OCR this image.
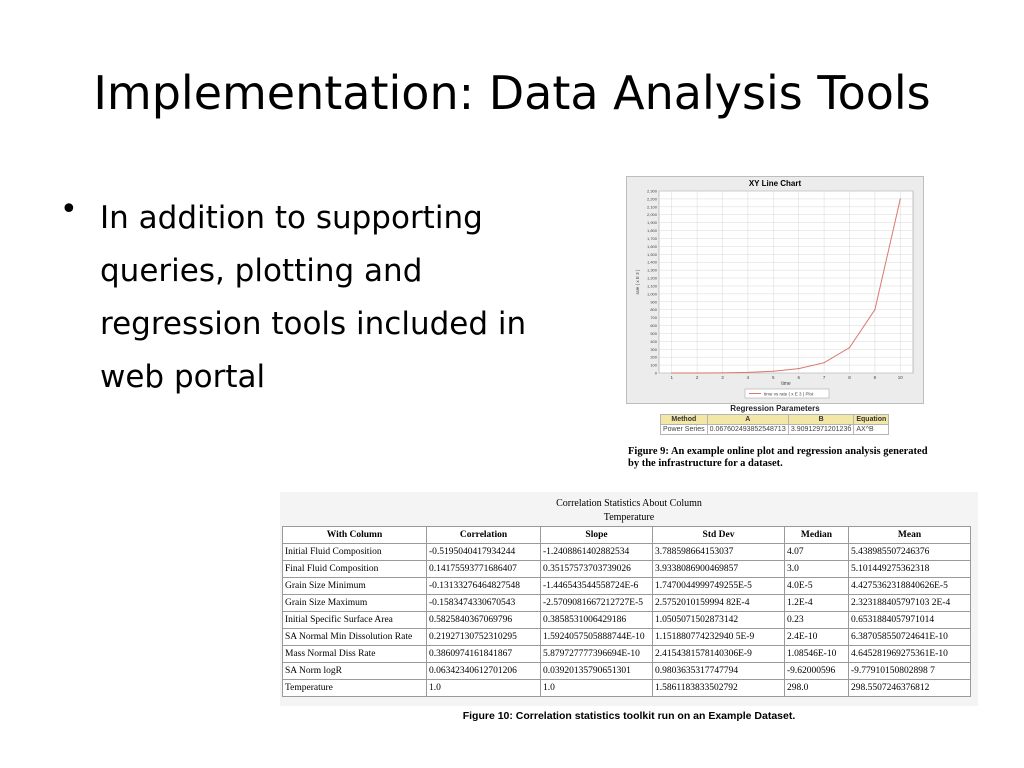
Implementation: Data Analysis Tools
• In addition to supporting queries, plotting and regression tools included in web portal
XY Line Chart
0
100
200
300
400
500
600
700
800
900
1,000
1,100
1,200
1,300
1,400
1,500
1,600
1,700
1,800
1,900
2,000
2,100
2,200
2,300
1	2	3	4	5	6	7	8	9	10
time
rate ( x E 3 )
time vs rate ( x E 3 ) Plot
Regression Parameters
Method	A	B	Equation
Power Series	0.06760249385254871З	3.9091297120123б	AX^B
Figure 9: An example online plot and regression analysis generated by the infrastructure for a dataset.
Correlation Statistics About Column
Temperature
With Column	Correlation	Slope	Std Dev	Median	Mean
Initial Fluid Composition	-0.5195040417934244	-1.2408861402882534	3.788598664153037	4.07	5.438985507246376
Final Fluid Composition	0.14175593771686407	0.35157573703739026	3.9338086900469857	3.0	5.101449275362318
Grain Size Minimum	-0.13133276464827548	-1.446543544558724E-6	1.7470044999749255E-5	4.0E-5	4.4275362318840626E-5
Grain Size Maximum	-0.1583474330670543	-2.5709081667212727E-5	2.5752010159994 82E-4	1.2E-4	2.323188405797103 2E-4
Initial Specific Surface Area	0.5825840367069796	0.3858531006429186	1.0505071502873142	0.23	0.6531884057971014
SA Normal Min Dissolution Rate	0.21927130752310295	1.5924057505888744E-10	1.151880774232940 5E-9	2.4E-10	6.387058550724641E-10
Mass Normal Diss Rate	0.3860974161841867	5.879727777396694E-10	2.4154381578140306E-9	1.08546E-10	4.645281969275361E-10
SA Norm logR	0.06342340612701206	0.03920135790651301	0.9803635317747794	-9.62000596	-9.77910150802898 7
Temperature	1.0	1.0	1.5861183833502792	298.0	298.5507246376812
Figure 10: Correlation statistics toolkit run on an Example Dataset.
